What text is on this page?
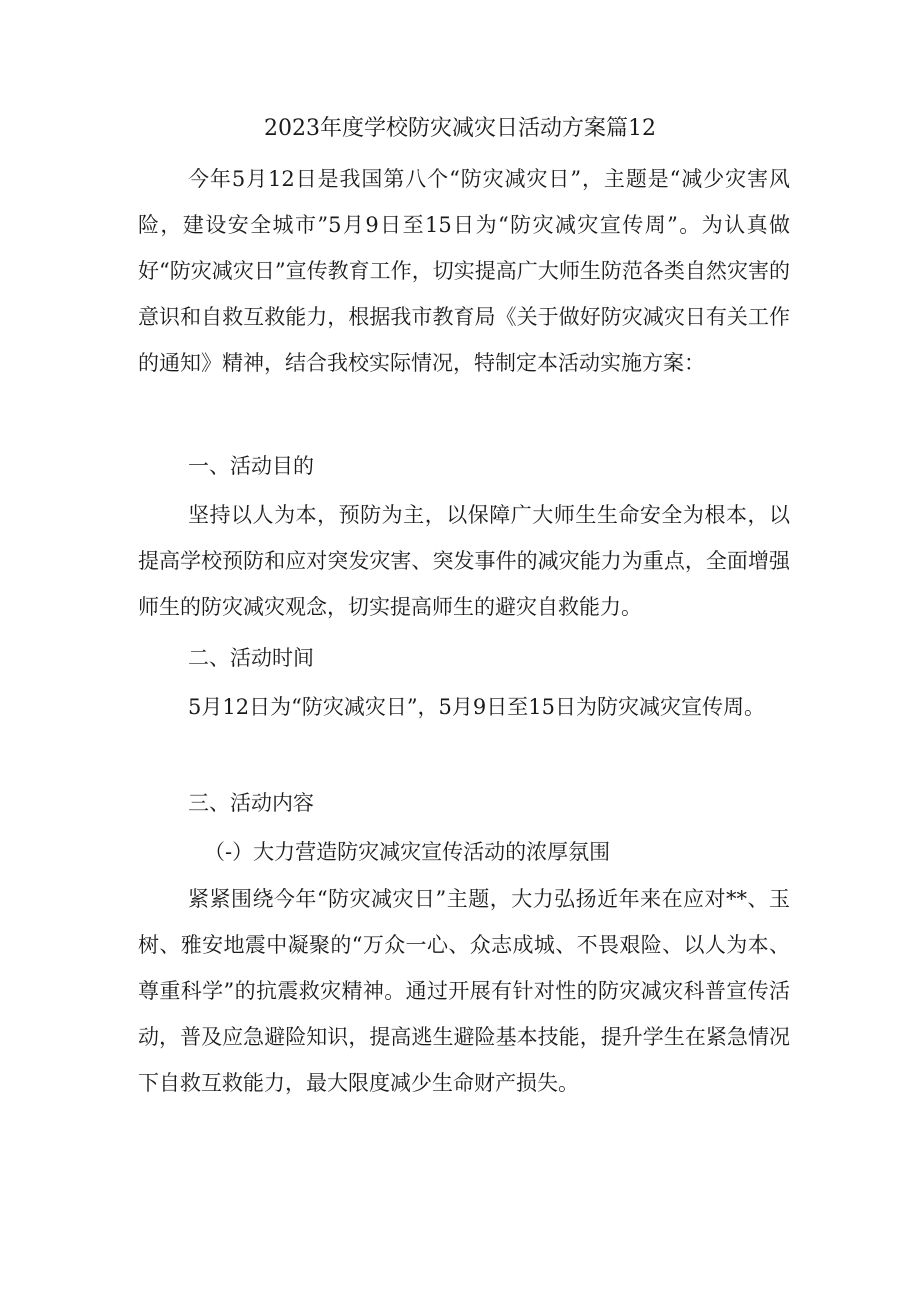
2023年度学校防灾减灾日活动方案篇12
今年5月12日是我国第八个“防灾减灾日”，主题是“减少灾害风险，建设安全城市”5月9日至15日为“防灾减灾宣传周”。为认真做好“防灾减灾日”宣传教育工作，切实提高广大师生防范各类自然灾害的意识和自救互救能力，根据我市教育局《关于做好防灾减灾日有关工作的通知》精神，结合我校实际情况，特制定本活动实施方案：
一、活动目的
坚持以人为本，预防为主，以保障广大师生生命安全为根本，以提高学校预防和应对突发灾害、突发事件的减灾能力为重点，全面增强师生的防灾减灾观念，切实提高师生的避灾自救能力。
二、活动时间
5月12日为“防灾减灾日”，5月9日至15日为防灾减灾宣传周。
三、活动内容
（-）大力营造防灾减灾宣传活动的浓厚氛围
紧紧围绕今年“防灾减灾日”主题，大力弘扬近年来在应对**、玉树、雅安地震中凝聚的“万众一心、众志成城、不畏艰险、以人为本、尊重科学”的抗震救灾精神。通过开展有针对性的防灾减灾科普宣传活动，普及应急避险知识，提高逃生避险基本技能，提升学生在紧急情况下自救互救能力，最大限度减少生命财产损失。
